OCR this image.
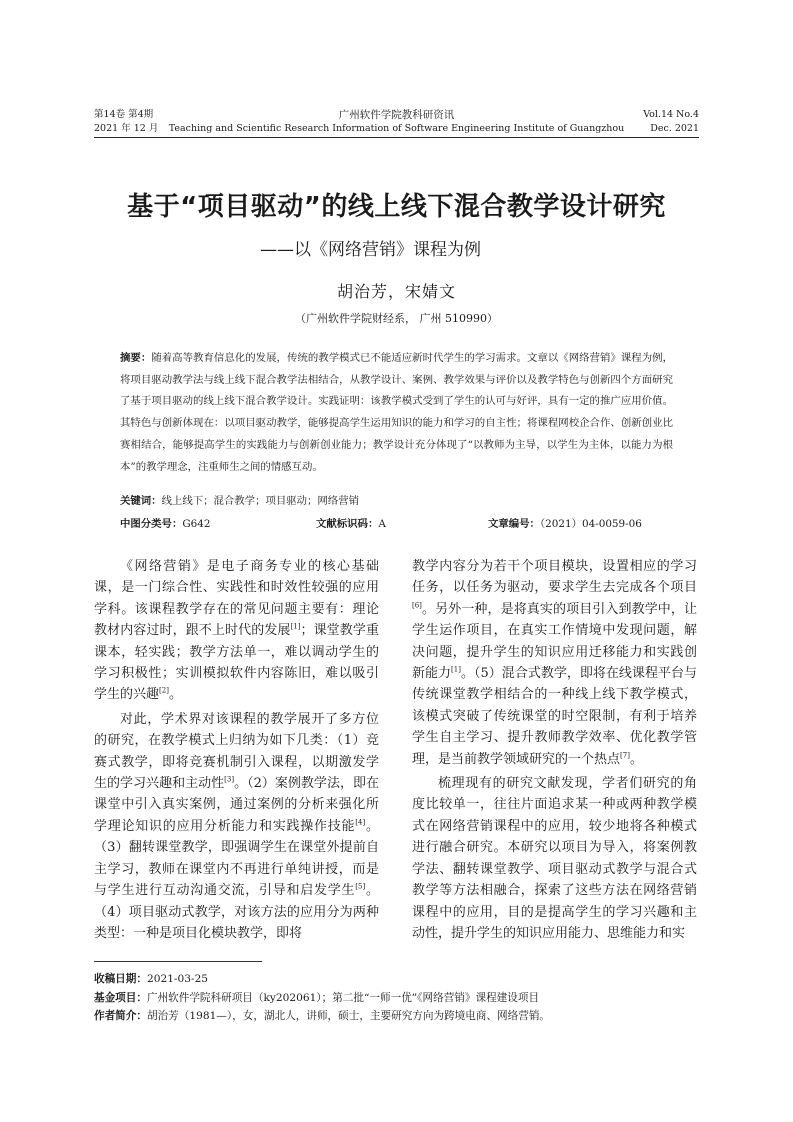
第14卷 第4期
2021 年 12 月
广州软件学院教科研资讯
Teaching and Scientific Research Information of Software Engineering Institute of Guangzhou
Vol.14 No.4
Dec. 2021
基于“项目驱动”的线上线下混合教学设计研究
——以《网络营销》课程为例
胡治芳，宋婧文
（广州软件学院财经系， 广州 510990）
摘要：随着高等教育信息化的发展，传统的教学模式已不能适应新时代学生的学习需求。文章以《网络营销》课程为例，将项目驱动教学法与线上线下混合教学法相结合，从教学设计、案例、教学效果与评价以及教学特色与创新四个方面研究了基于项目驱动的线上线下混合教学设计。实践证明：该教学模式受到了学生的认可与好评，具有一定的推广应用价值。其特色与创新体现在：以项目驱动教学，能够提高学生运用知识的能力和学习的自主性；将课程网校企合作、创新创业比赛相结合，能够提高学生的实践能力与创新创业能力；教学设计充分体现了“以教师为主导，以学生为主体，以能力为根本”的教学理念，注重师生之间的情感互动。
关键词：线上线下；混合教学；项目驱动；网络营销
中图分类号：G642	文献标识码：A	文章编号：（2021）04-0059-06

《网络营销》是电子商务专业的核心基础课，是一门综合性、实践性和时效性较强的应用学科。该课程教学存在的常见问题主要有：理论教材内容过时，跟不上时代的发展[1]；课堂教学重课本，轻实践；教学方法单一，难以调动学生的学习积极性；实训模拟软件内容陈旧，难以吸引学生的兴趣[2]。

对此，学术界对该课程的教学展开了多方位的研究，在教学模式上归纳为如下几类：（1）竞赛式教学，即将竞赛机制引入课程，以期激发学生的学习兴趣和主动性[3]。（2）案例教学法，即在课堂中引入真实案例，通过案例的分析来强化所学理论知识的应用分析能力和实践操作技能[4]。（3）翻转课堂教学，即强调学生在课堂外提前自主学习，教师在课堂内不再进行单纯讲授，而是与学生进行互动沟通交流，引导和启发学生[5]。（4）项目驱动式教学，对该方法的应用分为两种类型：一种是项目化模块教学，即将

教学内容分为若干个项目模块，设置相应的学习任务，以任务为驱动，要求学生去完成各个项目[6]。另外一种，是将真实的项目引入到教学中，让学生运作项目，在真实工作情境中发现问题，解决问题，提升学生的知识应用迁移能力和实践创新能力[1]。（5）混合式教学，即将在线课程平台与传统课堂教学相结合的一种线上线下教学模式，该模式突破了传统课堂的时空限制，有利于培养学生自主学习、提升教师教学效率、优化教学管理，是当前教学领域研究的一个热点[7]。

梳理现有的研究文献发现，学者们研究的角度比较单一，往往片面追求某一种或两种教学模式在网络营销课程中的应用，较少地将各种模式进行融合研究。本研究以项目为导入，将案例教学法、翻转课堂教学、项目驱动式教学与混合式教学等方法相融合，探索了这些方法在网络营销课程中的应用，目的是提高学生的学习兴趣和主动性，提升学生的知识应用能力、思维能力和实

收稿日期：2021-03-25
基金项目：广州软件学院科研项目（ky202061）；第二批“一师一优”《网络营销》课程建设项目
作者简介：胡治芳（1981—），女，湖北人，讲师，硕士，主要研究方向为跨境电商、网络营销。
